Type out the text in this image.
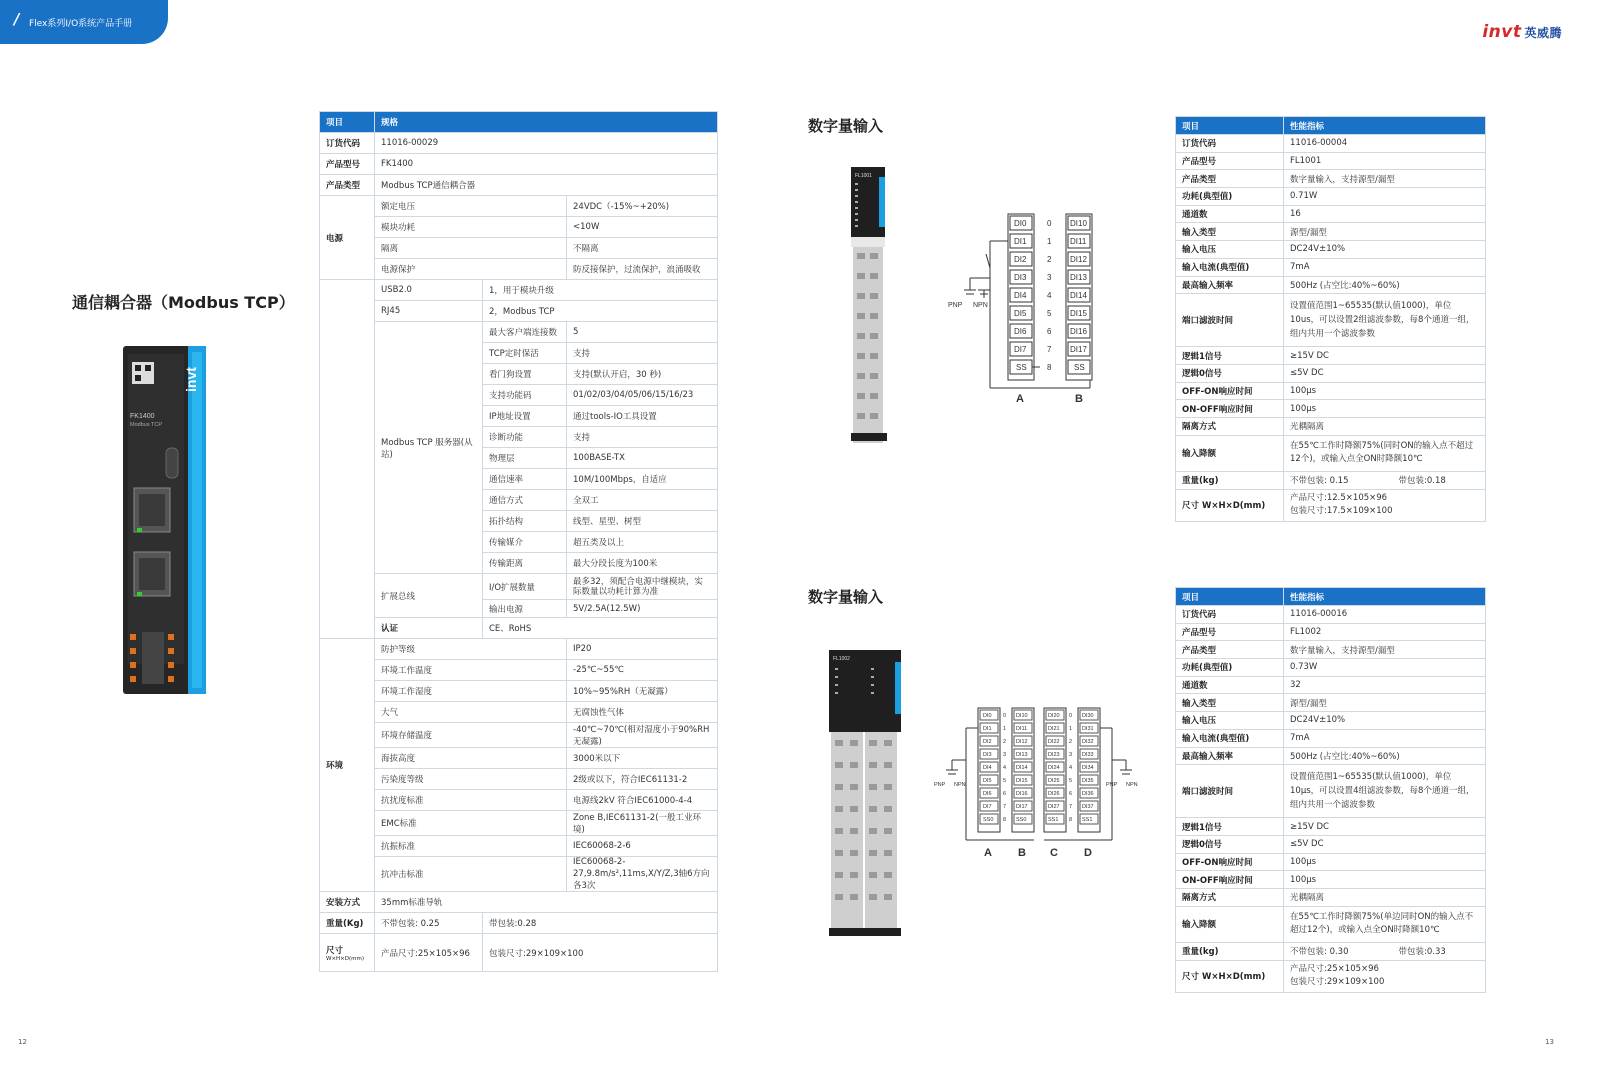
/ Flex系列I/O系统产品手册	invt 英威腾
通信耦合器（Modbus TCP）
invt
FK1400
Modbus TCP
项目	规格		
订货代码	11016-00029		
产品型号	FK1400		
产品类型	Modbus TCP通信耦合器		
电源	额定电压		24VDC（-15%~+20%)
	模块功耗		<10W
	隔离		不隔离
	电源保护		防反接保护，过流保护，浪涌吸收
	USB2.0	1，用于模块升级	
	RJ45	2，Modbus TCP	
	Modbus TCP 服务器(从站)	最大客户端连接数	5
		TCP定时保活	支持
		看门狗设置	支持(默认开启，30 秒)
		支持功能码	01/02/03/04/05/06/15/16/23
		IP地址设置	通过tools-IO工具设置
		诊断功能	支持
		物理层	100BASE-TX
		通信速率	10M/100Mbps，自适应
		通信方式	全双工
		拓扑结构	线型、星型、树型
		传输媒介	超五类及以上
		传输距离	最大分段长度为100米
	扩展总线	I/O扩展数量	最多32，须配合电源中继模块，实际数量以功耗计算为准
		输出电源	5V/2.5A(12.5W)
	认证	CE、RoHS	
环境	防护等级		IP20
	环境工作温度		-25℃~55℃
	环境工作湿度		10%~95%RH（无凝露）
	大气		无腐蚀性气体
	环境存储温度		-40℃~70℃(相对湿度小于90%RH无凝露)
	海拔高度		3000米以下
	污染度等级		2级或以下，符合IEC61131-2
	抗扰度标准		电源线2kV 符合IEC61000-4-4
	EMC标准		Zone B,IEC61131-2(一般工业环境)
	抗振标准		IEC60068-2-6
	抗冲击标准		IEC60068-2-27,9.8m/s²,11ms,X/Y/Z,3轴6方向各3次
安装方式	35mm标准导轨		
重量(Kg)	不带包装: 0.25	带包装:0.28	

尺寸
W×H×D(mm)	产品尺寸:25×105×96	包装尺寸:29×109×100	
12
数字量输入
FL1001
DI0
DI1
DI2
DI3
DI4
DI5
DI6
DI7
SS
0
1
2
3
4
5
6
7
8
DI10
DI11
DI12
DI13
DI14
DI15
DI16
DI17
SS
PNP NPN
A	B
项目	性能指标
订货代码	11016-00004
产品型号	FL1001
产品类型	数字量输入，支持源型/漏型
功耗(典型值)	0.71W
通道数	16
输入类型	源型/漏型
输入电压	DC24V±10%
输入电流(典型值)	7mA
最高输入频率	500Hz (占空比:40%~60%)
端口滤波时间	设置值范围1~65535(默认值1000)，单位10us，可以设置2组滤波参数，每8个通道一组，组内共用一个滤波参数
逻辑1信号	≥15V DC
逻辑0信号	≤5V DC
OFF-ON响应时间	100μs
ON-OFF响应时间	100μs
隔离方式	光耦隔离
输入降额	在55℃工作时降额75%(同时ON的输入点不超过12个)，或输入点全ON时降额10℃
重量(kg)	不带包装: 0.15 带包装:0.18
尺寸 W×H×D(mm)	产品尺寸:12.5×105×96
包装尺寸:17.5×109×100
数字量输入
FL1002
DI0
DI1
DI2
DI3
DI4
DI5
DI6
DI7
SS0
0
1
2
3
4
5
6
7
8
DI10
DI11
DI12
DI13
DI14
DI15
DI16
DI17
SS0
DI20
DI21
DI22
DI23
DI24
DI25
DI26
DI27
SS1
0
1
2
3
4
5
6
7
8
DI30
DI31
DI32
DI33
DI34
DI35
DI36
DI37
SS1
PNP NPN	PNP NPN
A B C D
项目	性能指标
订货代码	11016-00016
产品型号	FL1002
产品类型	数字量输入，支持源型/漏型
功耗(典型值)	0.73W
通道数	32
输入类型	源型/漏型
输入电压	DC24V±10%
输入电流(典型值)	7mA
最高输入频率	500Hz (占空比:40%~60%)
端口滤波时间	设置值范围1~65535(默认值1000)，单位10μs，可以设置4组滤波参数，每8个通道一组，组内共用一个滤波参数
逻辑1信号	≥15V DC
逻辑0信号	≤5V DC
OFF-ON响应时间	100μs
ON-OFF响应时间	100μs
隔离方式	光耦隔离
输入降额	在55℃工作时降额75%(单边同时ON的输入点不超过12个)，或输入点全ON时降额10℃
重量(kg)	不带包装: 0.30 带包装:0.33
尺寸 W×H×D(mm)	产品尺寸:25×105×96
包装尺寸:29×109×100
13
